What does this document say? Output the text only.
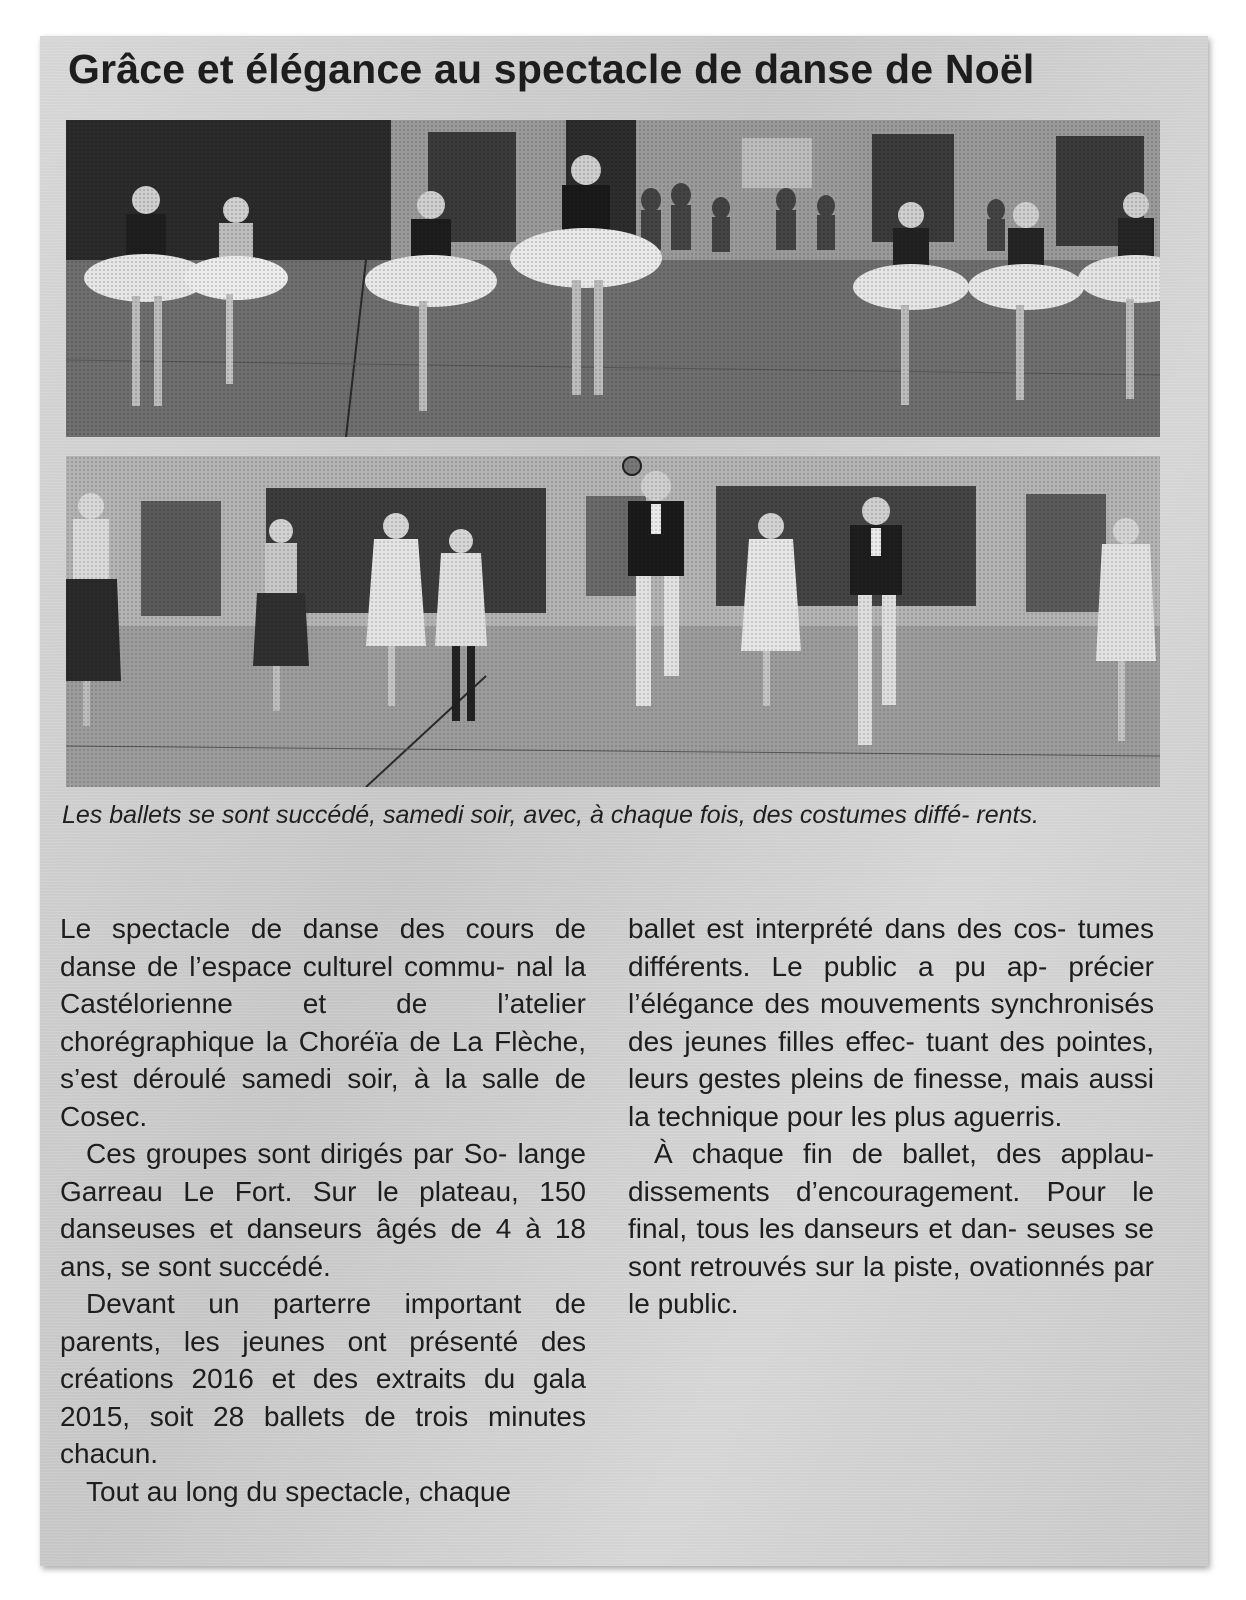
Grâce et élégance au spectacle de danse de Noël

Les ballets se sont succédé, samedi soir, avec, à chaque fois, des costumes diffé- rents.

Le spectacle de danse des cours de danse de l’espace culturel commu- nal la Castélorienne et de l’atelier chorégraphique la Choréïa de La Flèche, s’est déroulé samedi soir, à la salle de Cosec.

Ces groupes sont dirigés par So- lange Garreau Le Fort. Sur le plateau, 150 danseuses et danseurs âgés de 4 à 18 ans, se sont succédé.

Devant un parterre important de parents, les jeunes ont présenté des créations 2016 et des extraits du gala 2015, soit 28 ballets de trois minutes chacun.

Tout au long du spectacle, chaque

ballet est interprété dans des cos- tumes différents. Le public a pu ap- précier l’élégance des mouvements synchronisés des jeunes filles effec- tuant des pointes, leurs gestes pleins de finesse, mais aussi la technique pour les plus aguerris.

À chaque fin de ballet, des applau- dissements d’encouragement. Pour le final, tous les danseurs et dan- seuses se sont retrouvés sur la piste, ovationnés par le public.
